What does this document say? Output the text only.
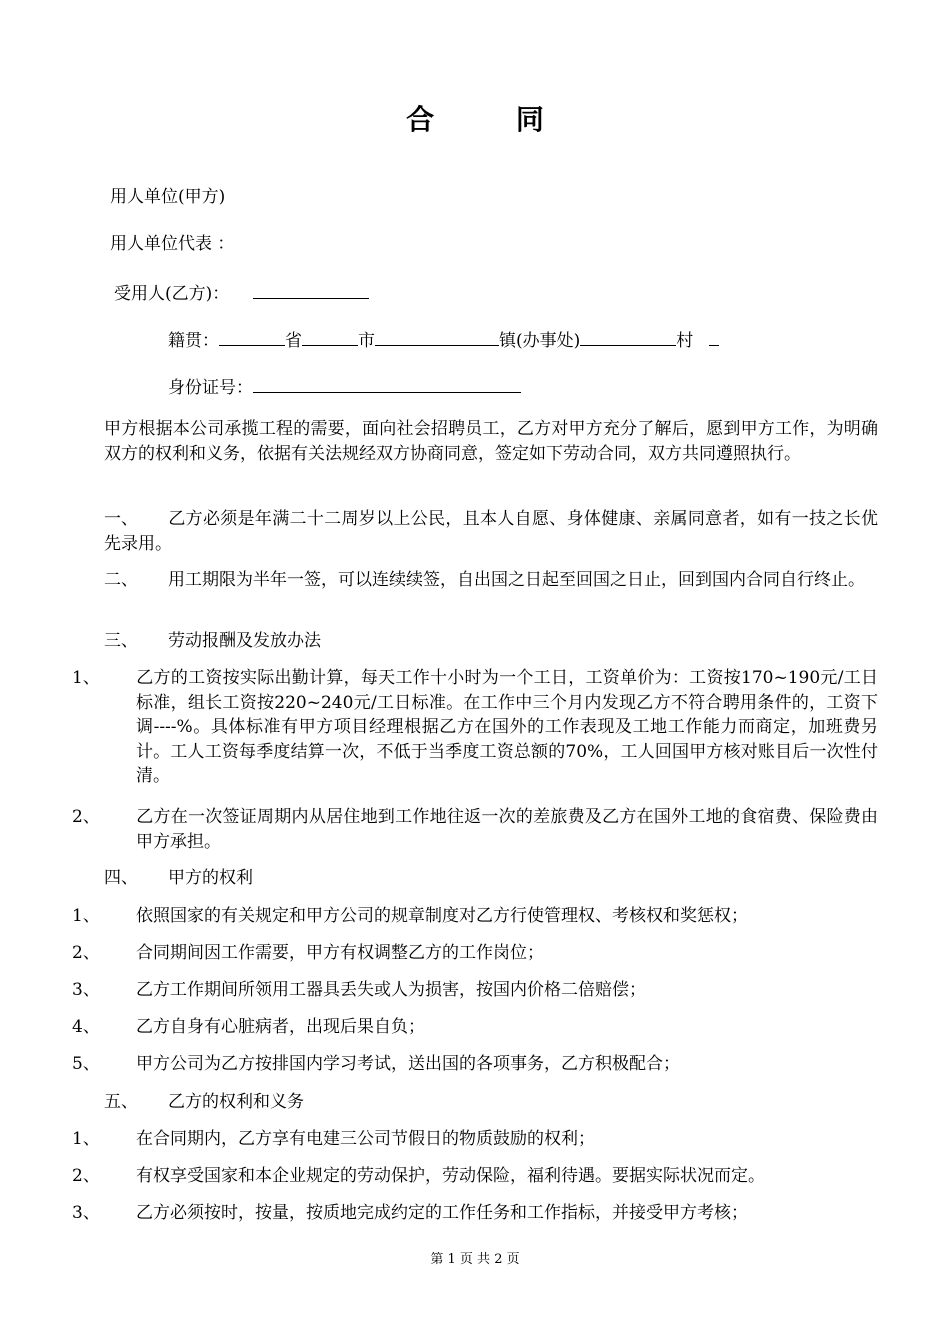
合 同
用人单位(甲方)
用人单位代表 ：
受用人(乙方)：
籍贯：	省	市	镇(办事处)	村
身份证号：
甲方根据本公司承揽工程的需要，面向社会招聘员工，乙方对甲方充分了解后，愿到甲方工作，为明确双方的权利和义务，依据有关法规经双方协商同意，签定如下劳动合同，双方共同遵照执行。
一、 乙方必须是年满二十二周岁以上公民，且本人自愿、身体健康、亲属同意者，如有一技之长优先录用。
二、 用工期限为半年一签，可以连续续签，自出国之日起至回国之日止，回到国内合同自行终止。
三、 劳动报酬及发放办法
1、 乙方的工资按实际出勤计算，每天工作十小时为一个工日，工资单价为：工资按170~190元/工日标准，组长工资按220~240元/工日标准。在工作中三个月内发现乙方不符合聘用条件的，工资下调----%。具体标准有甲方项目经理根据乙方在国外的工作表现及工地工作能力而商定，加班费另计。工人工资每季度结算一次，不低于当季度工资总额的70%，工人回国甲方核对账目后一次性付清。
2、 乙方在一次签证周期内从居住地到工作地往返一次的差旅费及乙方在国外工地的食宿费、保险费由甲方承担。
四、 甲方的权利
1、 依照国家的有关规定和甲方公司的规章制度对乙方行使管理权、考核权和奖惩权；
2、 合同期间因工作需要，甲方有权调整乙方的工作岗位；
3、 乙方工作期间所领用工器具丢失或人为损害，按国内价格二倍赔偿；
4、 乙方自身有心脏病者，出现后果自负；
5、 甲方公司为乙方按排国内学习考试，送出国的各项事务，乙方积极配合；
五、 乙方的权利和义务
1、 在合同期内，乙方享有电建三公司节假日的物质鼓励的权利；
2、 有权享受国家和本企业规定的劳动保护，劳动保险，福利待遇。要据实际状况而定。
3、 乙方必须按时，按量，按质地完成约定的工作任务和工作指标，并接受甲方考核；
第 1 页 共 2 页
